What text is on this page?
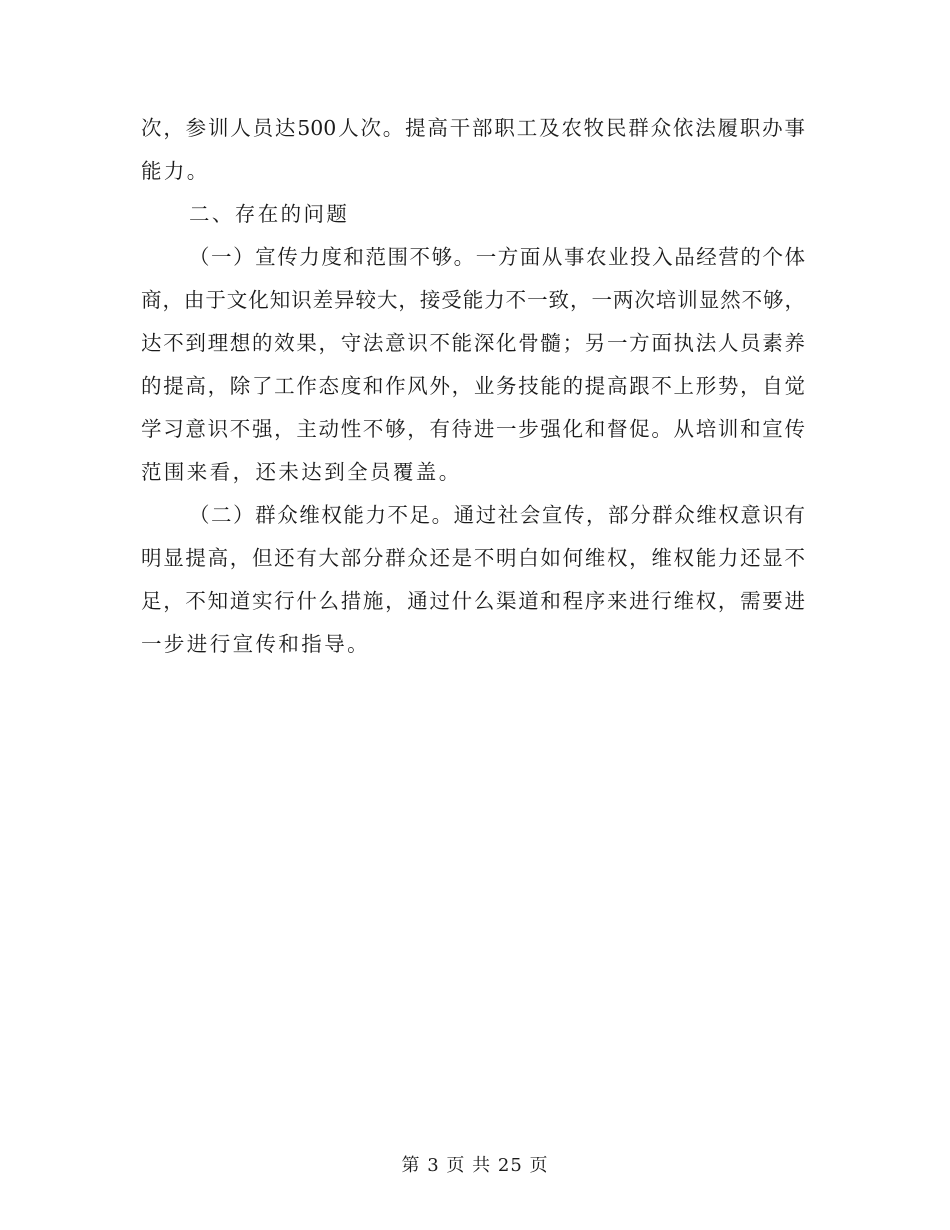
次，参训人员达500人次。提高干部职工及农牧民群众依法履职办事
能力。
二、存在的问题
（一）宣传力度和范围不够。一方面从事农业投入品经营的个体
商，由于文化知识差异较大，接受能力不一致，一两次培训显然不够，
达不到理想的效果，守法意识不能深化骨髓；另一方面执法人员素养
的提高，除了工作态度和作风外，业务技能的提高跟不上形势，自觉
学习意识不强，主动性不够，有待进一步强化和督促。从培训和宣传
范围来看，还未达到全员覆盖。
（二）群众维权能力不足。通过社会宣传，部分群众维权意识有
明显提高，但还有大部分群众还是不明白如何维权，维权能力还显不
足，不知道实行什么措施，通过什么渠道和程序来进行维权，需要进
一步进行宣传和指导。
第 3 页 共 25 页
